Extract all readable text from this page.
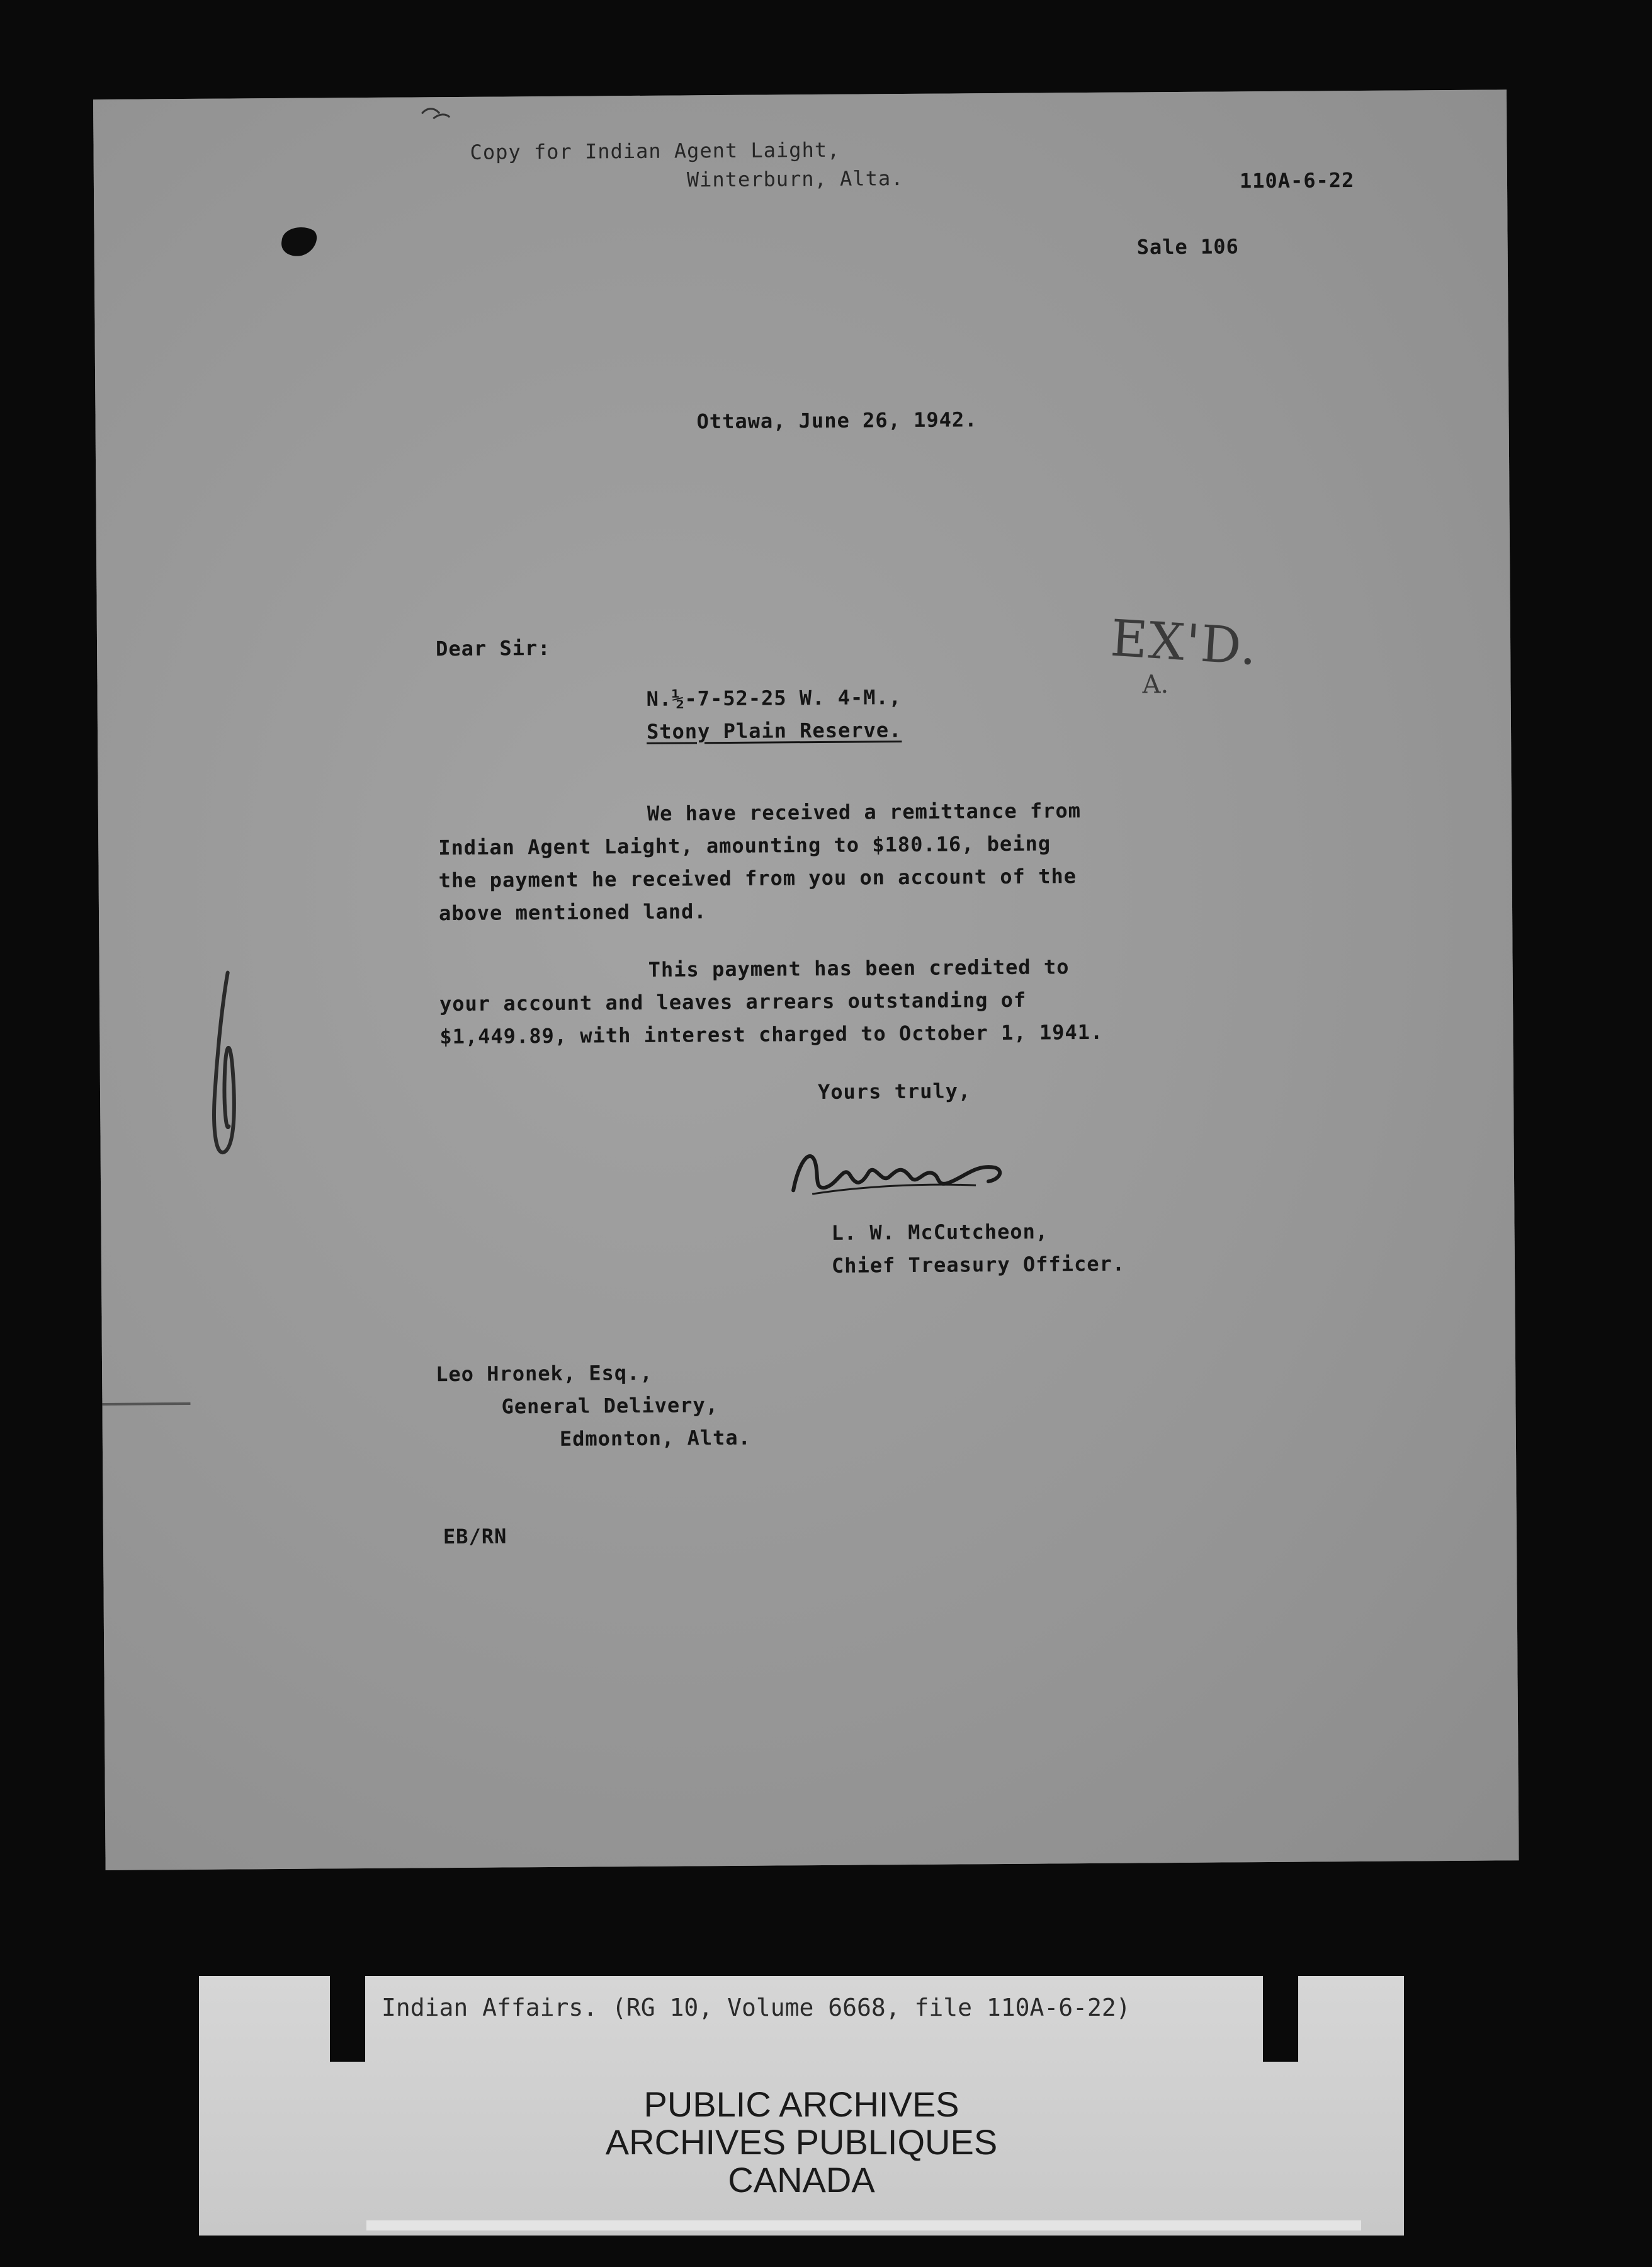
Copy for Indian Agent Laight,
Winterburn, Alta.	110A-6-22
Sale 106
Ottawa, June 26, 1942.
EX'D.
A.
Dear Sir:
N.½-7-52-25 W. 4-M.,
Stony Plain Reserve.
We have received a remittance from
Indian Agent Laight, amounting to $180.16, being
the payment he received from you on account of the
above mentioned land.
This payment has been credited to
your account and leaves arrears outstanding of
$1,449.89, with interest charged to October 1, 1941.
Yours truly,
L. W. McCutcheon,
Chief Treasury Officer.
Leo Hronek, Esq.,
General Delivery,
Edmonton, Alta.
EB/RN
Indian Affairs. (RG 10, Volume 6668, file 110A-6-22)
PUBLIC ARCHIVES
ARCHIVES PUBLIQUES
CANADA
